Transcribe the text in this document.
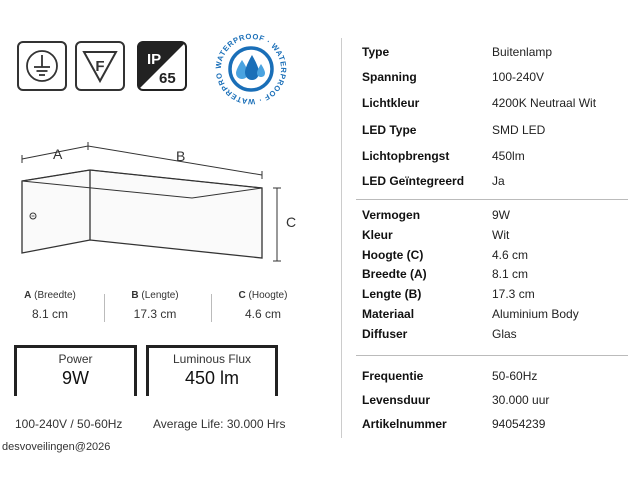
F	IP
65
WATERPROOF · WATERPROOF · WATERPRO
A	B
C
A (Breedte)
8.1 cm
B (Lengte)
17.3 cm
C (Hoogte)
4.6 cm
Power
9W
Luminous Flux
450 lm
100-240V / 50-60Hz	Average Life: 30.000 Hrs
desvoveilingen@2026
Type	Buitenlamp
Spanning	100-240V
Lichtkleur	4200K Neutraal Wit
LED Type	SMD LED
Lichtopbrengst	450lm
LED Geïntegreerd Ja
Vermogen	9W
Kleur	Wit
Hoogte (C)	4.6 cm
Breedte (A)	8.1 cm
Lengte (B)	17.3 cm
Materiaal	Aluminium Body
Diffuser	Glas
Frequentie	50-60Hz
Levensduur	30.000 uur
Artikelnummer	94054239
